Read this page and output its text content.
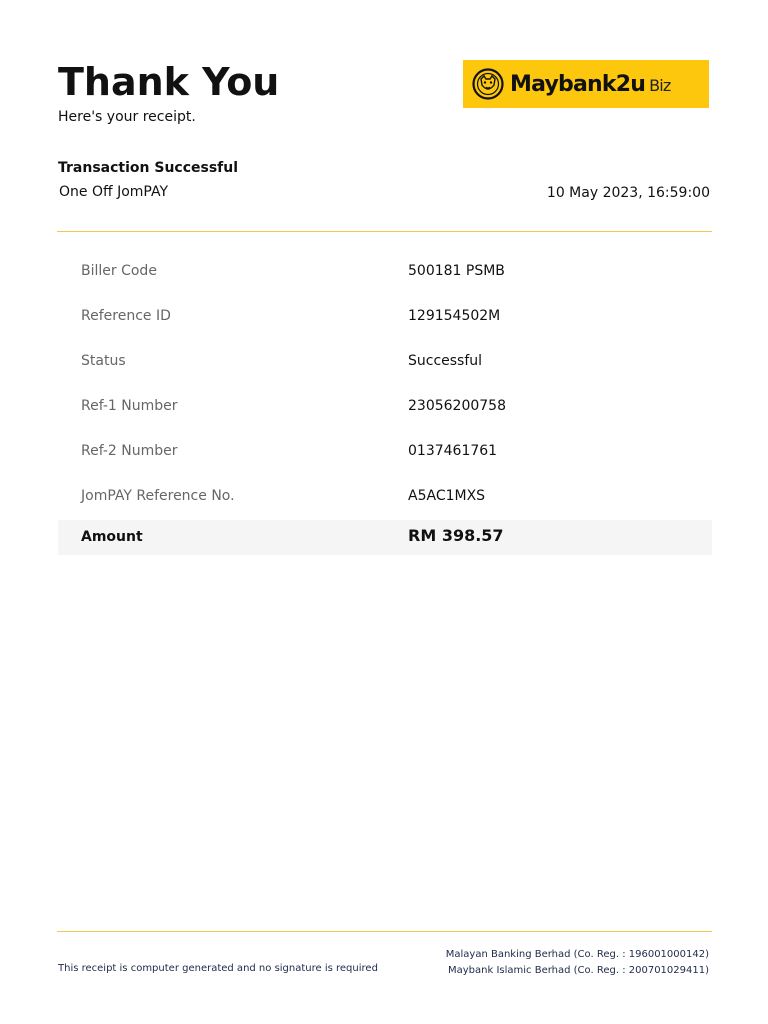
Thank You
Here's your receipt.
Maybank2u Biz
Transaction Successful
One Off JomPAY	10 May 2023, 16:59:00
Biller Code	500181 PSMB
Reference ID	129154502M
Status	Successful
Ref-1 Number	23056200758
Ref-2 Number	0137461761
JomPAY Reference No.	A5AC1MXS
Amount	RM 398.57
This receipt is computer generated and no signature is required
Malayan Banking Berhad (Co. Reg. : 196001000142)
Maybank Islamic Berhad (Co. Reg. : 200701029411)
